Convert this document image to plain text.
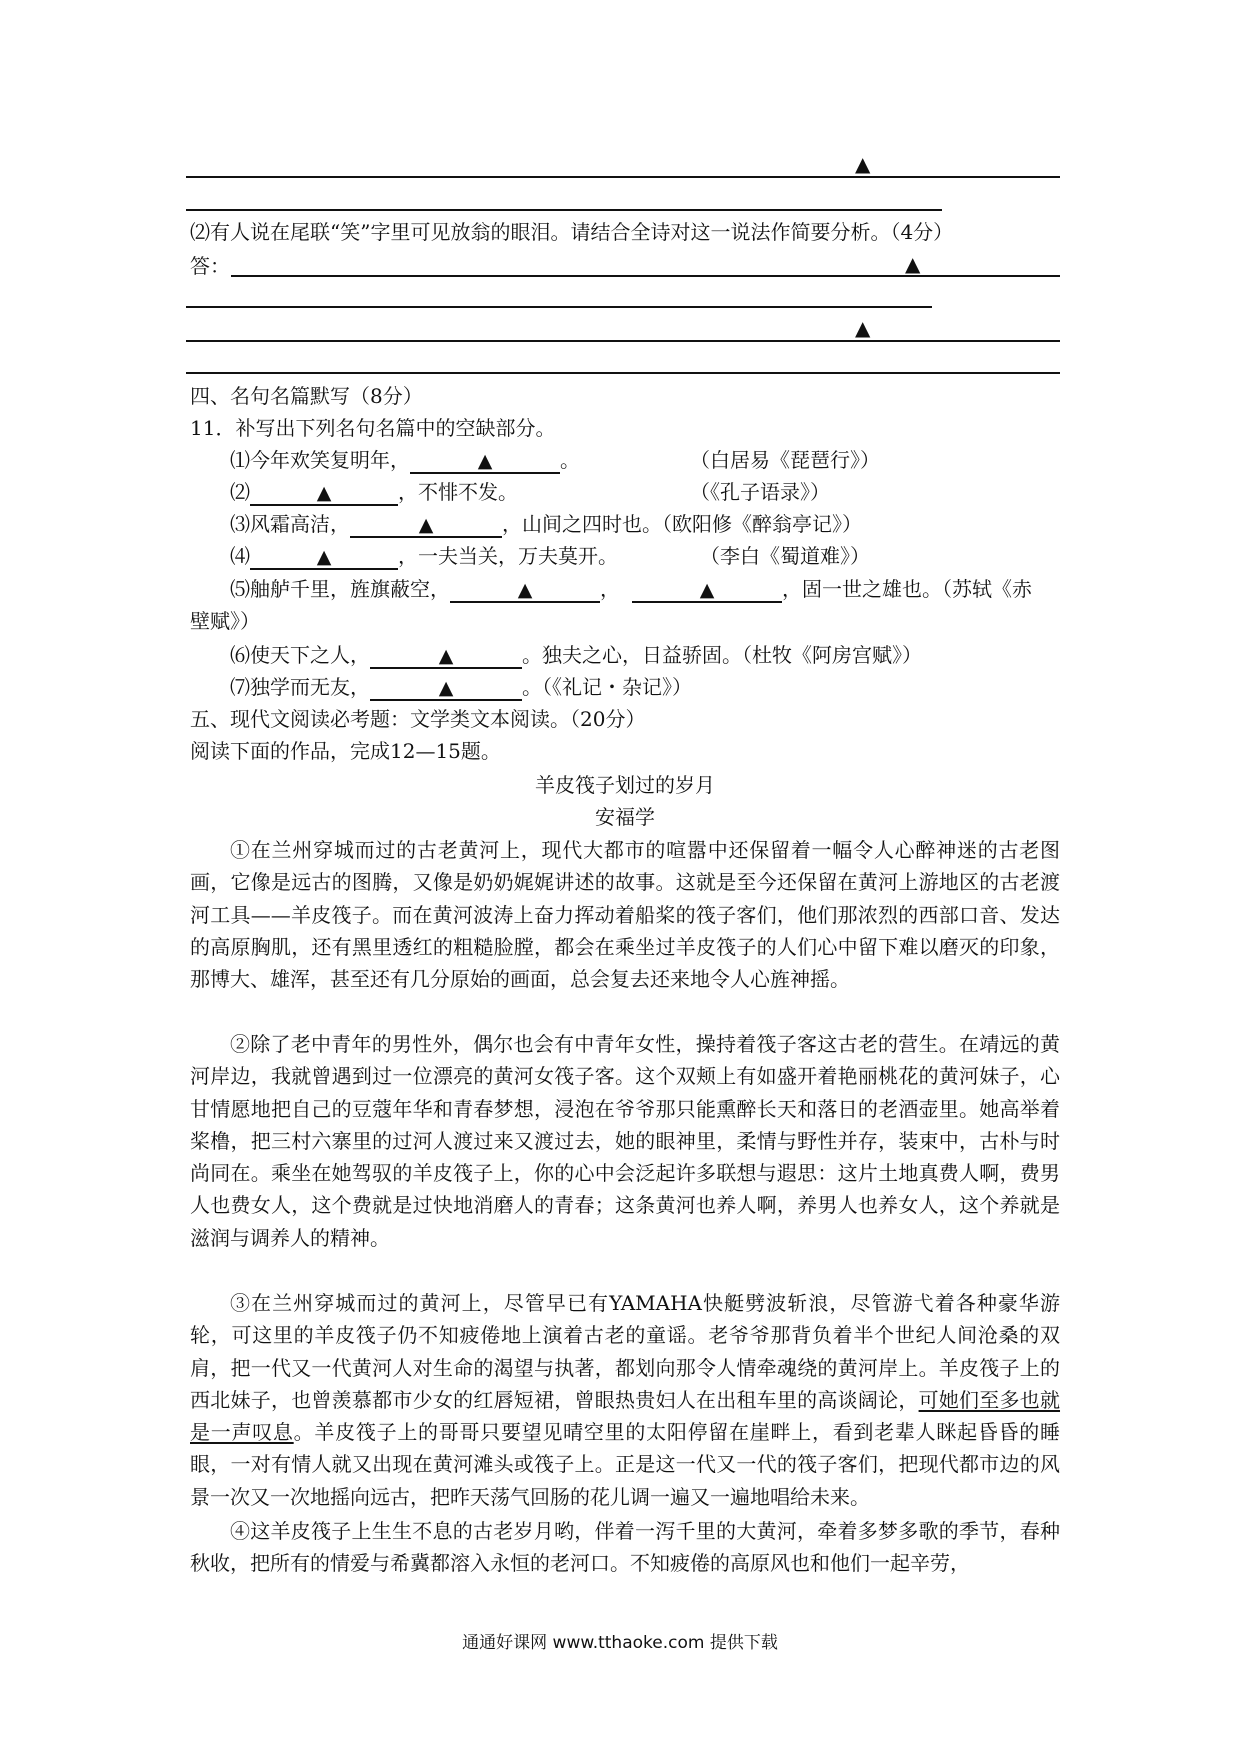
▲
⑵有人说在尾联“笑”字里可见放翁的眼泪。请结合全诗对这一说法作简要分析。（4分）
答：	▲
▲
四、名句名篇默写（8分）
11．补写出下列名句名篇中的空缺部分。
⑴今年欢笑复明年，	▲	。	（白居易《琵琶行》）
⑵	▲	，不悱不发。	（《孔子语录》）
⑶风霜高洁，	▲	，山间之四时也。（欧阳修《醉翁亭记》）
⑷	▲	，一夫当关，万夫莫开。	（李白《蜀道难》）
⑸舳舻千里，旌旗蔽空，	▲	，	▲	，固一世之雄也。（苏轼《赤
壁赋》）
⑹使天下之人，	▲	。独夫之心，日益骄固。（杜牧《阿房宫赋》）
⑺独学而无友，	▲	。（《礼记・杂记》）
五、现代文阅读必考题：文学类文本阅读。（20分）
阅读下面的作品，完成12—15题。
羊皮筏子划过的岁月
安福学
①在兰州穿城而过的古老黄河上，现代大都市的喧嚣中还保留着一幅令人心醉神迷的古老图画，它像是远古的图腾，又像是奶奶娓娓讲述的故事。这就是至今还保留在黄河上游地区的古老渡河工具——羊皮筏子。而在黄河波涛上奋力挥动着船桨的筏子客们，他们那浓烈的西部口音、发达的高原胸肌，还有黑里透红的粗糙脸膛，都会在乘坐过羊皮筏子的人们心中留下难以磨灭的印象，那博大、雄浑，甚至还有几分原始的画面，总会复去还来地令人心旌神摇。
②除了老中青年的男性外，偶尔也会有中青年女性，操持着筏子客这古老的营生。在靖远的黄河岸边，我就曾遇到过一位漂亮的黄河女筏子客。这个双颊上有如盛开着艳丽桃花的黄河妹子，心甘情愿地把自己的豆蔻年华和青春梦想，浸泡在爷爷那只能熏醉长天和落日的老酒壶里。她高举着桨橹，把三村六寨里的过河人渡过来又渡过去，她的眼神里，柔情与野性并存，装束中，古朴与时尚同在。乘坐在她驾驭的羊皮筏子上，你的心中会泛起许多联想与遐思：这片土地真费人啊，费男人也费女人，这个费就是过快地消磨人的青春；这条黄河也养人啊，养男人也养女人，这个养就是滋润与调养人的精神。
③在兰州穿城而过的黄河上，尽管早已有YAMAHA快艇劈波斩浪，尽管游弋着各种豪华游轮，可这里的羊皮筏子仍不知疲倦地上演着古老的童谣。老爷爷那背负着半个世纪人间沧桑的双肩，把一代又一代黄河人对生命的渴望与执著，都划向那令人情牵魂绕的黄河岸上。羊皮筏子上的西北妹子，也曾羡慕都市少女的红唇短裙，曾眼热贵妇人在出租车里的高谈阔论，可她们至多也就是一声叹息。羊皮筏子上的哥哥只要望见晴空里的太阳停留在崖畔上，看到老辈人眯起昏昏的睡眼，一对有情人就又出现在黄河滩头或筏子上。正是这一代又一代的筏子客们，把现代都市边的风景一次又一次地摇向远古，把昨天荡气回肠的花儿调一遍又一遍地唱给未来。
④这羊皮筏子上生生不息的古老岁月哟，伴着一泻千里的大黄河，牵着多梦多歌的季节，春种秋收，把所有的情爱与希冀都溶入永恒的老河口。不知疲倦的高原风也和他们一起辛劳，
通通好课网 www.tthaoke.com 提供下载
